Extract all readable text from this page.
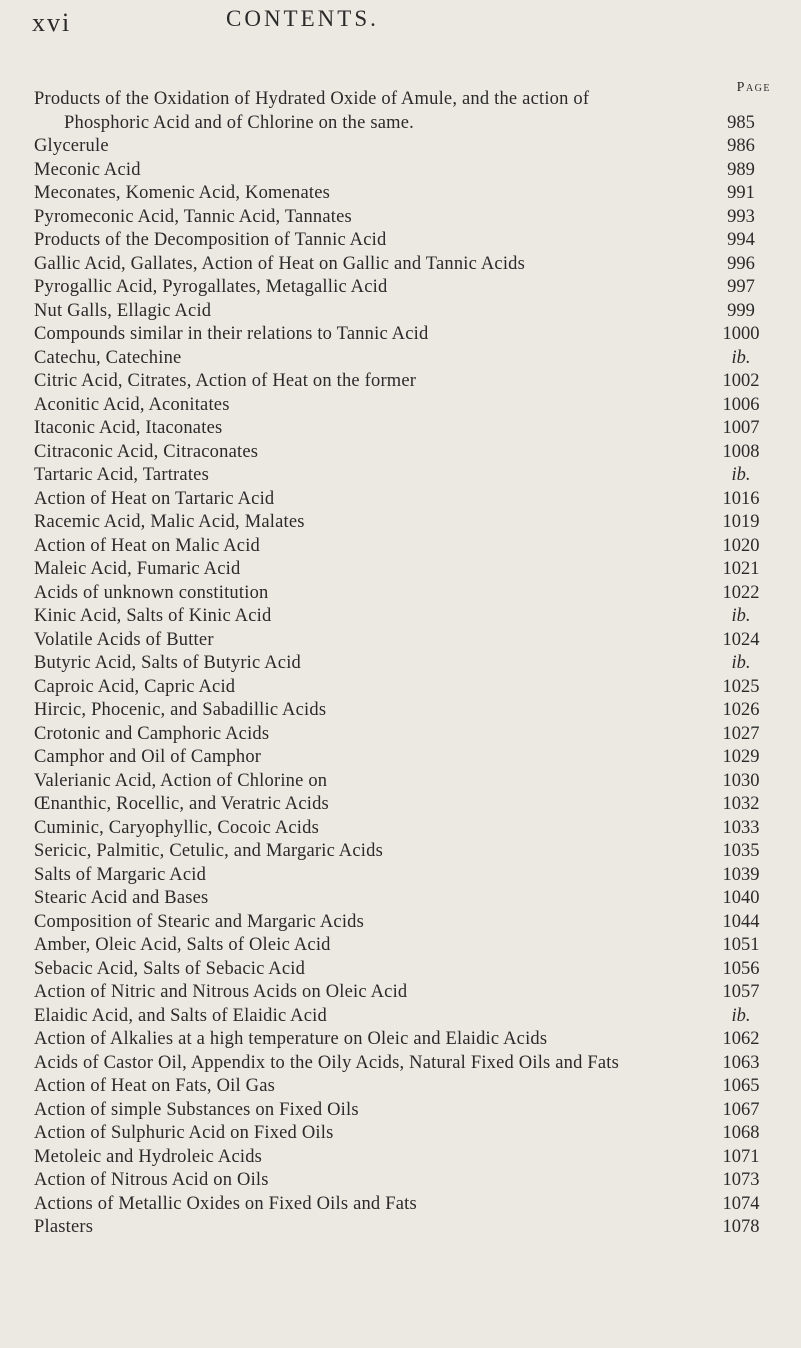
xvi	CONTENTS.
Page
Products of the Oxidation of Hydrated Oxide of Amule, and the action of
Phosphoric Acid and of Chlorine on the same.	985
Glycerule	986
Meconic Acid	989
Meconates, Komenic Acid, Komenates	991
Pyromeconic Acid, Tannic Acid, Tannates	993
Products of the Decomposition of Tannic Acid	994
Gallic Acid, Gallates, Action of Heat on Gallic and Tannic Acids	996
Pyrogallic Acid, Pyrogallates, Metagallic Acid	997
Nut Galls, Ellagic Acid	999
Compounds similar in their relations to Tannic Acid	1000
Catechu, Catechine	ib.
Citric Acid, Citrates, Action of Heat on the former	1002
Aconitic Acid, Aconitates	1006
Itaconic Acid, Itaconates	1007
Citraconic Acid, Citraconates	1008
Tartaric Acid, Tartrates	ib.
Action of Heat on Tartaric Acid	1016
Racemic Acid, Malic Acid, Malates	1019
Action of Heat on Malic Acid	1020
Maleic Acid, Fumaric Acid	1021
Acids of unknown constitution	1022
Kinic Acid, Salts of Kinic Acid	ib.
Volatile Acids of Butter	1024
Butyric Acid, Salts of Butyric Acid	ib.
Caproic Acid, Capric Acid	1025
Hircic, Phocenic, and Sabadillic Acids	1026
Crotonic and Camphoric Acids	1027
Camphor and Oil of Camphor	1029
Valerianic Acid, Action of Chlorine on	1030
Œnanthic, Rocellic, and Veratric Acids	1032
Cuminic, Caryophyllic, Cocoic Acids	1033
Sericic, Palmitic, Cetulic, and Margaric Acids	1035
Salts of Margaric Acid	1039
Stearic Acid and Bases	1040
Composition of Stearic and Margaric Acids	1044
Amber, Oleic Acid, Salts of Oleic Acid	1051
Sebacic Acid, Salts of Sebacic Acid	1056
Action of Nitric and Nitrous Acids on Oleic Acid	1057
Elaidic Acid, and Salts of Elaidic Acid	ib.
Action of Alkalies at a high temperature on Oleic and Elaidic Acids	1062
Acids of Castor Oil, Appendix to the Oily Acids, Natural Fixed Oils and Fats	1063
Action of Heat on Fats, Oil Gas	1065
Action of simple Substances on Fixed Oils	1067
Action of Sulphuric Acid on Fixed Oils	1068
Metoleic and Hydroleic Acids	1071
Action of Nitrous Acid on Oils	1073
Actions of Metallic Oxides on Fixed Oils and Fats	1074
Plasters	1078
